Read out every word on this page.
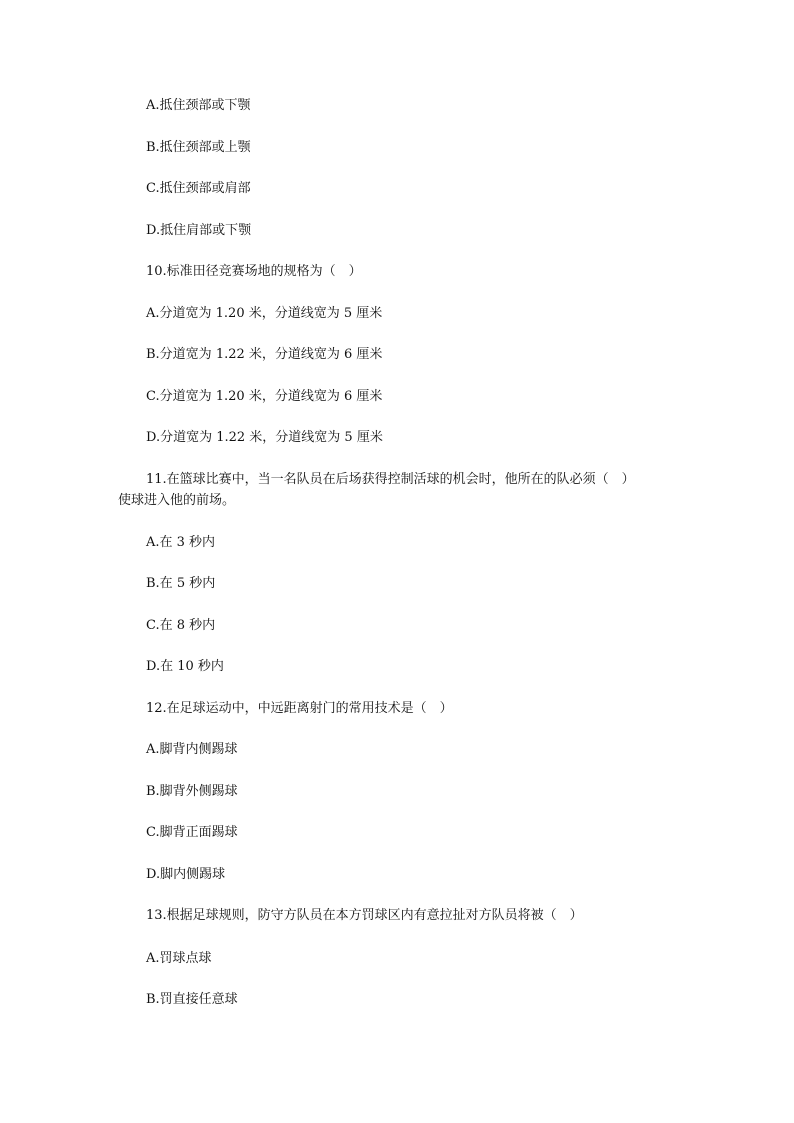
A.抵住颈部或下颚
B.抵住颈部或上颚
C.抵住颈部或肩部
D.抵住肩部或下颚
10.标准田径竞赛场地的规格为（　）
A.分道宽为 1.20 米，分道线宽为 5 厘米
B.分道宽为 1.22 米，分道线宽为 6 厘米
C.分道宽为 1.20 米，分道线宽为 6 厘米
D.分道宽为 1.22 米，分道线宽为 5 厘米
11.在篮球比赛中，当一名队员在后场获得控制活球的机会时，他所在的队必须（　）
使球进入他的前场。
A.在 3 秒内
B.在 5 秒内
C.在 8 秒内
D.在 10 秒内
12.在足球运动中，中远距离射门的常用技术是（　）
A.脚背内侧踢球
B.脚背外侧踢球
C.脚背正面踢球
D.脚内侧踢球
13.根据足球规则，防守方队员在本方罚球区内有意拉扯对方队员将被（　）
A.罚球点球
B.罚直接任意球
